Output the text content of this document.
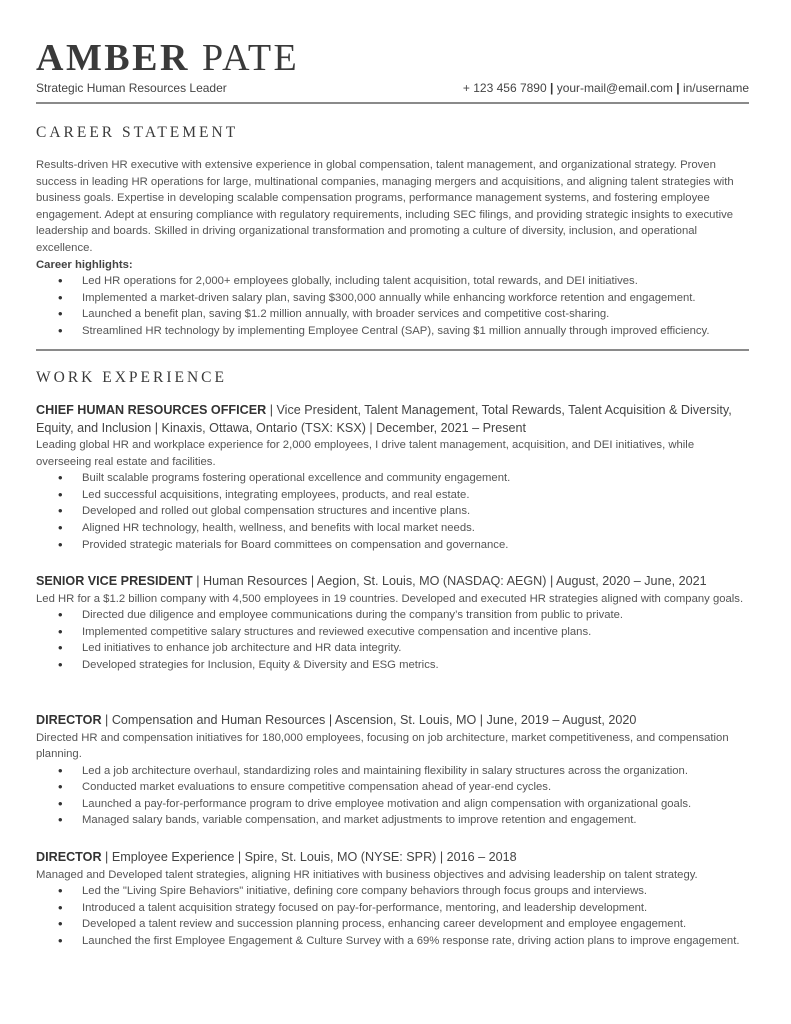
AMBER PATE
Strategic Human Resources Leader	+ 123 456 7890 | your-mail@email.com | in/username
CAREER STATEMENT

Results-driven HR executive with extensive experience in global compensation, talent management, and organizational strategy. Proven success in leading HR operations for large, multinational companies, managing mergers and acquisitions, and aligning talent strategies with business goals. Expertise in developing scalable compensation programs, performance management systems, and fostering employee engagement. Adept at ensuring compliance with regulatory requirements, including SEC filings, and providing strategic insights to executive leadership and boards. Skilled in driving organizational transformation and promoting a culture of diversity, inclusion, and operational excellence.

Career highlights:
• Led HR operations for 2,000+ employees globally, including talent acquisition, total rewards, and DEI initiatives.
• Implemented a market-driven salary plan, saving $300,000 annually while enhancing workforce retention and engagement.
• Launched a benefit plan, saving $1.2 million annually, with broader services and competitive cost-sharing.
• Streamlined HR technology by implementing Employee Central (SAP), saving $1 million annually through improved efficiency.
WORK EXPERIENCE
CHIEF HUMAN RESOURCES OFFICER | Vice President, Talent Management, Total Rewards, Talent Acquisition & Diversity, Equity, and Inclusion | Kinaxis, Ottawa, Ontario (TSX: KSX) | December, 2021 – Present

Leading global HR and workplace experience for 2,000 employees, I drive talent management, acquisition, and DEI initiatives, while overseeing real estate and facilities.

• Built scalable programs fostering operational excellence and community engagement.
• Led successful acquisitions, integrating employees, products, and real estate.
• Developed and rolled out global compensation structures and incentive plans.
• Aligned HR technology, health, wellness, and benefits with local market needs.
• Provided strategic materials for Board committees on compensation and governance.
SENIOR VICE PRESIDENT | Human Resources | Aegion, St. Louis, MO (NASDAQ: AEGN) | August, 2020 – June, 2021

Led HR for a $1.2 billion company with 4,500 employees in 19 countries. Developed and executed HR strategies aligned with company goals.

• Directed due diligence and employee communications during the company’s transition from public to private.
• Implemented competitive salary structures and reviewed executive compensation and incentive plans.
• Led initiatives to enhance job architecture and HR data integrity.
• Developed strategies for Inclusion, Equity & Diversity and ESG metrics.
DIRECTOR | Compensation and Human Resources | Ascension, St. Louis, MO | June, 2019 – August, 2020

Directed HR and compensation initiatives for 180,000 employees, focusing on job architecture, market competitiveness, and compensation planning.

• Led a job architecture overhaul, standardizing roles and maintaining flexibility in salary structures across the organization.
• Conducted market evaluations to ensure competitive compensation ahead of year-end cycles.
• Launched a pay-for-performance program to drive employee motivation and align compensation with organizational goals.
• Managed salary bands, variable compensation, and market adjustments to improve retention and engagement.
DIRECTOR | Employee Experience | Spire, St. Louis, MO (NYSE: SPR) | 2016 – 2018

Managed and Developed talent strategies, aligning HR initiatives with business objectives and advising leadership on talent strategy.

• Led the "Living Spire Behaviors" initiative, defining core company behaviors through focus groups and interviews.
• Introduced a talent acquisition strategy focused on pay-for-performance, mentoring, and leadership development.
• Developed a talent review and succession planning process, enhancing career development and employee engagement.
• Launched the first Employee Engagement & Culture Survey with a 69% response rate, driving action plans to improve engagement.
